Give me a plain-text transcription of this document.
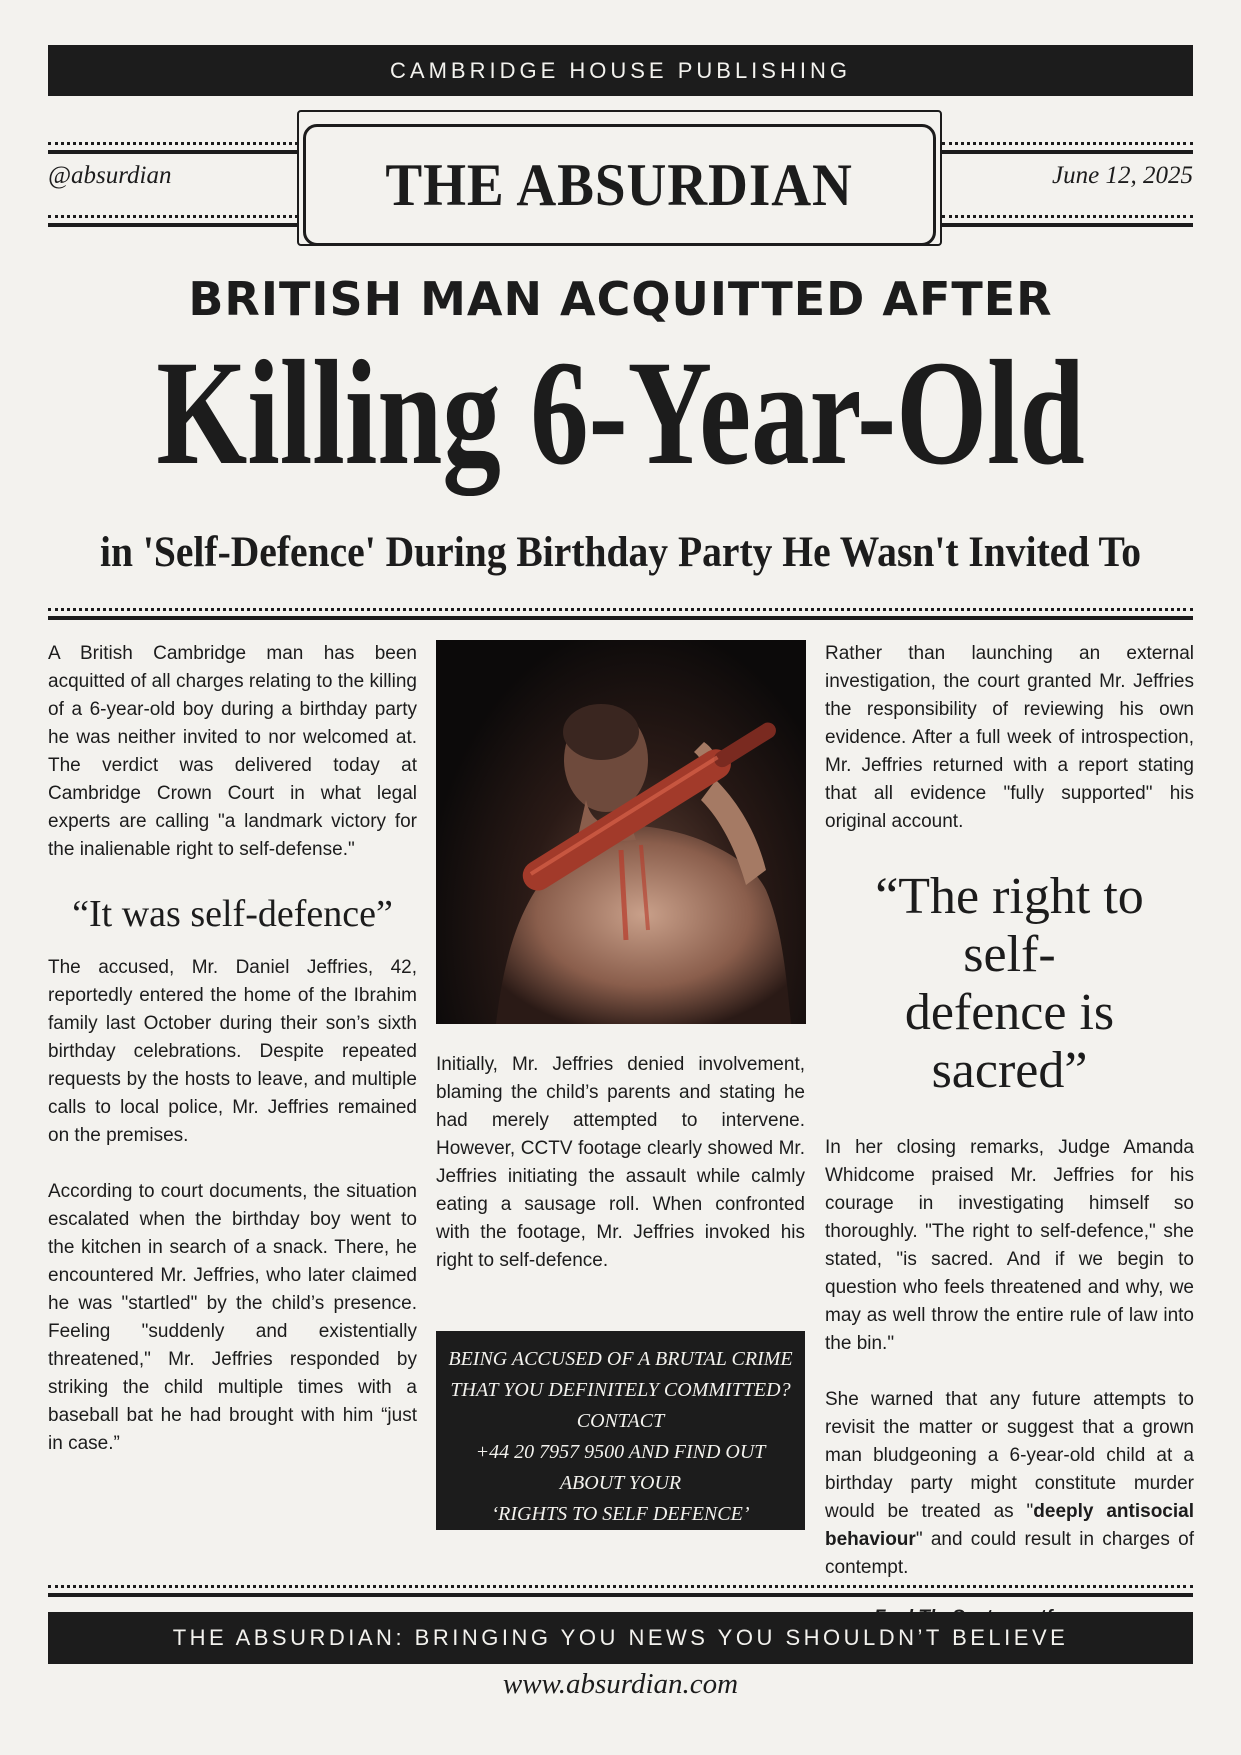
CAMBRIDGE HOUSE PUBLISHING
@absurdian	June 12, 2025
THE ABSURDIAN
BRITISH MAN ACQUITTED AFTER
Killing 6-Year-Old
in 'Self-Defence' During Birthday Party He Wasn't Invited To

A British Cambridge man has been acquitted of all charges relating to the killing of a 6-year-old boy during a birthday party he was neither invited to nor welcomed at. The verdict was delivered today at Cambridge Crown Court in what legal experts are calling "a landmark victory for the inalienable right to self-defense."

“It was self-defence”

The accused, Mr. Daniel Jeffries, 42, reportedly entered the home of the Ibrahim family last October during their son’s sixth birthday celebrations. Despite repeated requests by the hosts to leave, and multiple calls to local police, Mr. Jeffries remained on the premises.

According to court documents, the situation escalated when the birthday boy went to the kitchen in search of a snack. There, he encountered Mr. Jeffries, who later claimed he was "startled" by the child’s presence. Feeling "suddenly and existentially threatened," Mr. Jeffries responded by striking the child multiple times with a baseball bat he had brought with him “just in case.”

Initially, Mr. Jeffries denied involvement, blaming the child’s parents and stating he had merely attempted to intervene. However, CCTV footage clearly showed Mr. Jeffries initiating the assault while calmly eating a sausage roll. When confronted with the footage, Mr. Jeffries invoked his right to self-defence.

BEING ACCUSED OF A BRUTAL CRIME
THAT YOU DEFINITELY COMMITTED?
CONTACT
+44 20 7957 9500 AND FIND OUT
ABOUT YOUR
‘RIGHTS TO SELF DEFENCE’

Rather than launching an external investigation, the court granted Mr. Jeffries the responsibility of reviewing his own evidence. After a full week of introspection, Mr. Jeffries returned with a report stating that all evidence "fully supported" his original account.

“The right to self-
defence is sacred”

In her closing remarks, Judge Amanda Whidcome praised Mr. Jeffries for his courage in investigating himself so thoroughly. "The right to self-defence," she stated, "is sacred. And if we begin to question who feels threatened and why, we may as well throw the entire rule of law into the bin."

She warned that any future attempts to revisit the matter or suggest that a grown man bludgeoning a 6-year-old child at a birthday party might constitute murder would be treated as "deeply antisocial behaviour" and could result in charges of contempt.

THE ABSURDIAN: BRINGING YOU NEWS YOU SHOULDN’T BELIEVE
www.absurdian.com
